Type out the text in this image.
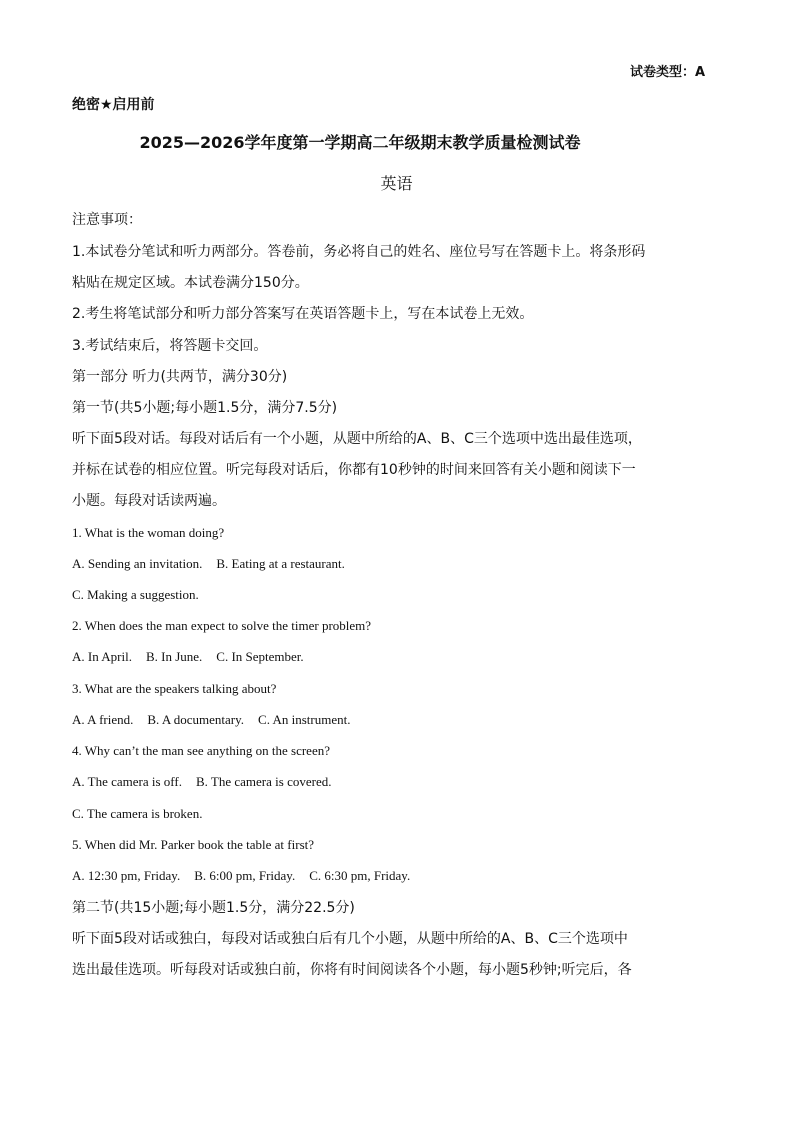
试卷类型：A
绝密★启用前
2025—2026学年度第一学期高二年级期末教学质量检测试卷
英语
注意事项：
1.本试卷分笔试和听力两部分。答卷前，务必将自己的姓名、座位号写在答题卡上。将条形码
粘贴在规定区域。本试卷满分150分。
2.考生将笔试部分和听力部分答案写在英语答题卡上，写在本试卷上无效。
3.考试结束后，将答题卡交回。
第一部分 听力(共两节，满分30分)
第一节(共5小题;每小题1.5分，满分7.5分)
听下面5段对话。每段对话后有一个小题，从题中所给的A、B、C三个选项中选出最佳选项，
并标在试卷的相应位置。听完每段对话后，你都有10秒钟的时间来回答有关小题和阅读下一
小题。每段对话读两遍。
1. What is the woman doing?
A. Sending an invitation. B. Eating at a restaurant.
C. Making a suggestion.
2. When does the man expect to solve the timer problem?
A. In April. B. In June. C. In September.
3. What are the speakers talking about?
A. A friend. B. A documentary. C. An instrument.
4. Why can’t the man see anything on the screen?
A. The camera is off. B. The camera is covered.
C. The camera is broken.
5. When did Mr. Parker book the table at first?
A. 12:30 pm, Friday. B. 6:00 pm, Friday. C. 6:30 pm, Friday.
第二节(共15小题;每小题1.5分，满分22.5分)
听下面5段对话或独白，每段对话或独白后有几个小题，从题中所给的A、B、C三个选项中
选出最佳选项。听每段对话或独白前，你将有时间阅读各个小题，每小题5秒钟;听完后，各
